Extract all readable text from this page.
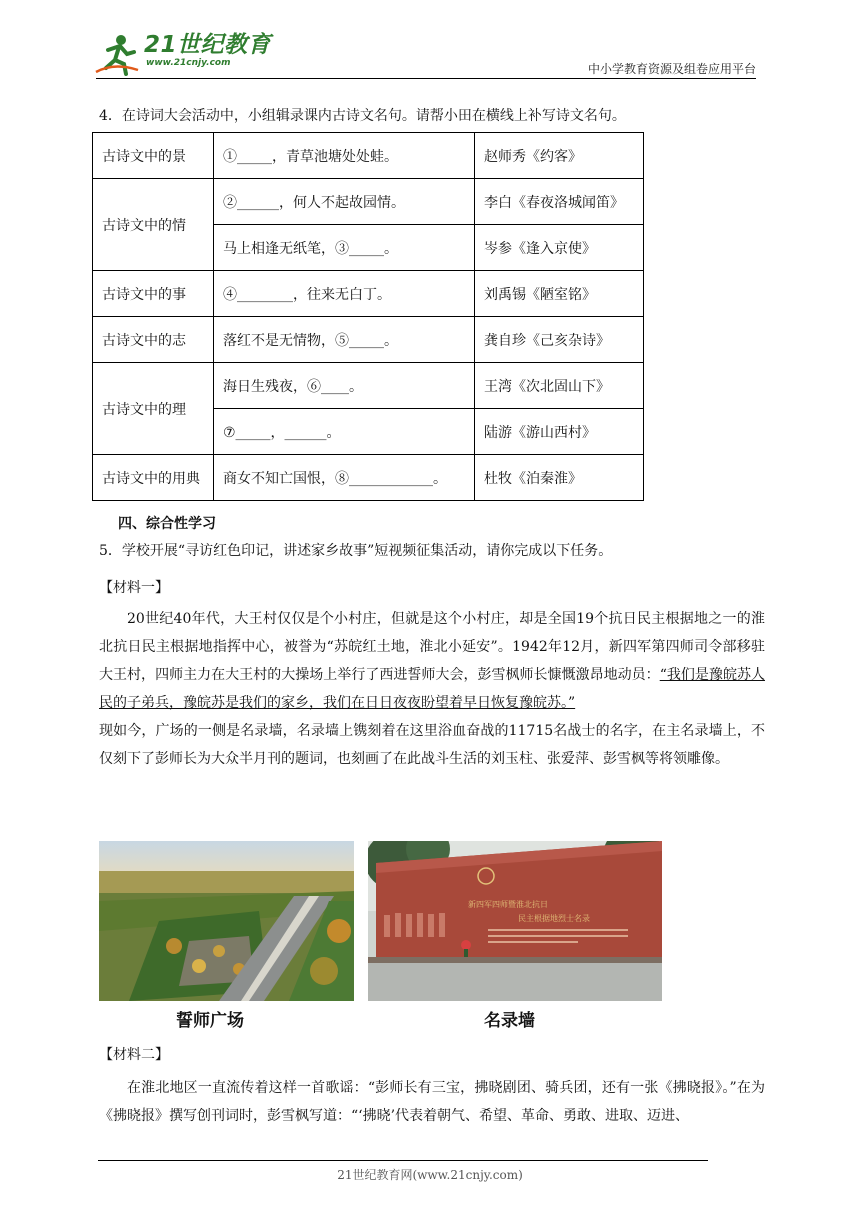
21世纪教育
www.21cnjy.com	中小学教育资源及组卷应用平台
4．在诗词大会活动中，小组辑录课内古诗文名句。请帮小田在横线上补写诗文名句。
古诗文中的景	①_____，青草池塘处处蛙。	赵师秀《约客》
古诗文中的情	②______，何人不起故园情。	李白《春夜洛城闻笛》
	马上相逢无纸笔，③_____。	岑参《逢入京使》
古诗文中的事	④________，往来无白丁。	刘禹锡《陋室铭》
古诗文中的志	落红不是无情物，⑤_____。	龚自珍《己亥杂诗》
古诗文中的理	海日生残夜，⑥____。	王湾《次北固山下》
	⑦_____，______。	陆游《游山西村》
古诗文中的用典	商女不知亡国恨，⑧____________。	杜牧《泊秦淮》
四、综合性学习
5．学校开展“寻访红色印记，讲述家乡故事”短视频征集活动，请你完成以下任务。
【材料一】
20世纪40年代，大王村仅仅是个小村庄，但就是这个小村庄，却是全国19个抗日民主根据地之一的淮北抗日民主根据地指挥中心，被誉为“苏皖红土地，淮北小延安”。1942年12月，新四军第四师司令部移驻大王村，四师主力在大王村的大操场上举行了西进誓师大会，彭雪枫师长慷慨激昂地动员：“我们是豫皖苏人民的子弟兵，豫皖苏是我们的家乡，我们在日日夜夜盼望着早日恢复豫皖苏。”
现如今，广场的一侧是名录墙，名录墙上镌刻着在这里浴血奋战的11715名战士的名字，在主名录墙上，不仅刻下了彭师长为大众半月刊的题词，也刻画了在此战斗生活的刘玉柱、张爱萍、彭雪枫等将领雕像。
新四军四师暨淮北抗日
民主根据地烈士名录
誓师广场	名录墙
【材料二】
在淮北地区一直流传着这样一首歌谣：“彭师长有三宝，拂晓剧团、骑兵团，还有一张《拂晓报》。”在为《拂晓报》撰写创刊词时，彭雪枫写道：“‘拂晓’代表着朝气、希望、革命、勇敢、进取、迈进、
21世纪教育网(www.21cnjy.com)
